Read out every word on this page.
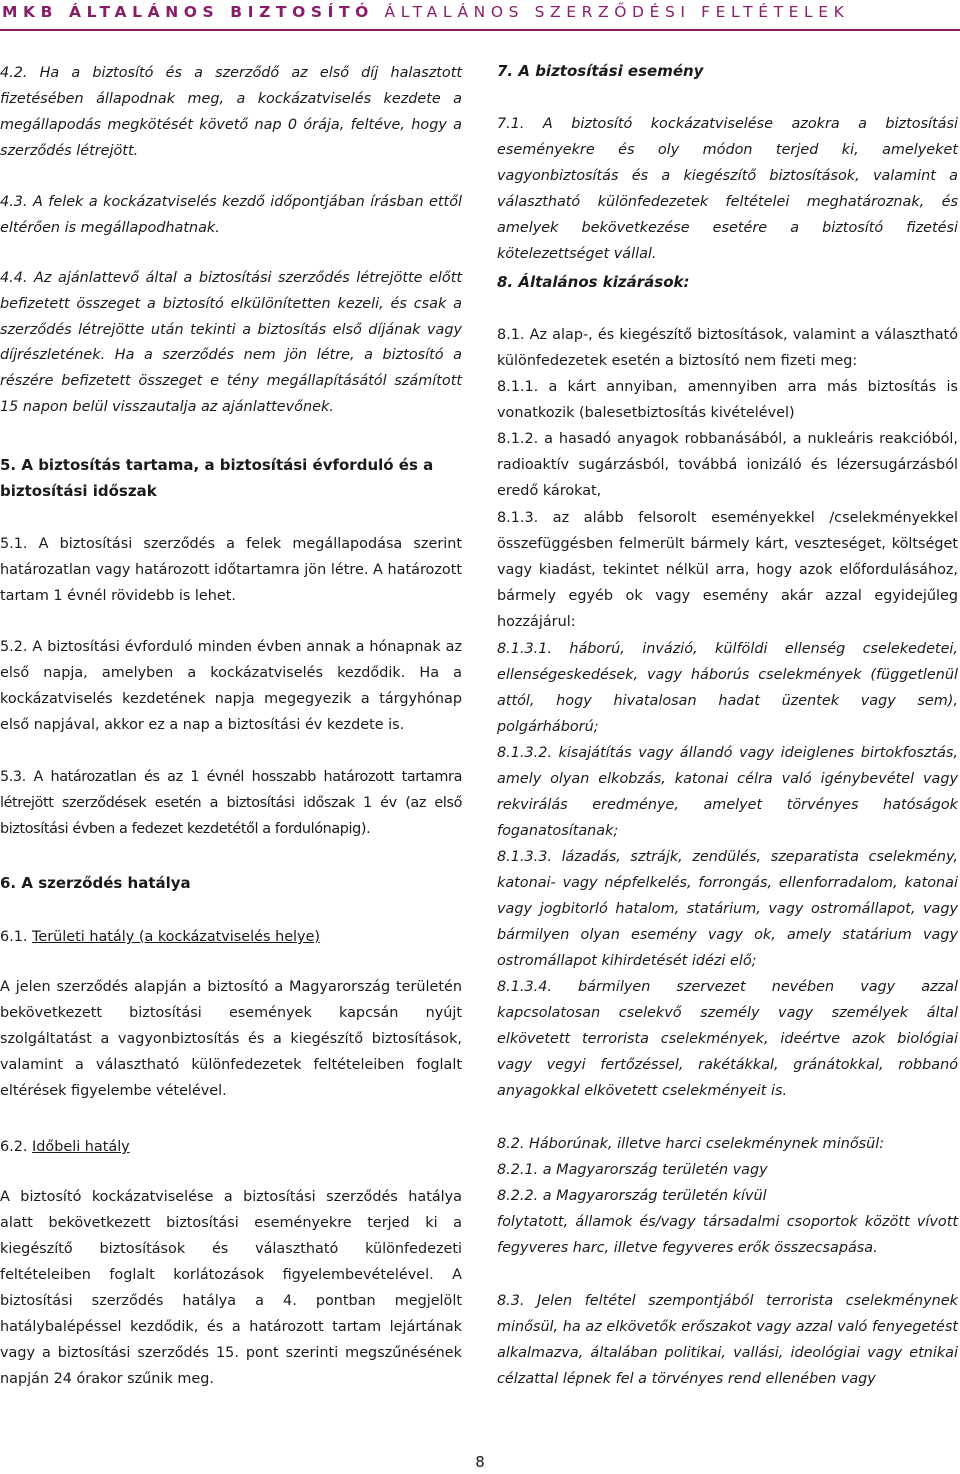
MKB ÁLTALÁNOS BIZTOSÍTÓ ÁLTALÁNOS SZERZŐDÉSI FELTÉTELEK

4.2. Ha a biztosító és a szerződő az első díj halasztott fizetésében állapodnak meg, a kockázatviselés kezdete a megállapodás megkötését követő nap 0 órája, feltéve, hogy a szerződés létrejött.

4.3. A felek a kockázatviselés kezdő időpontjában írásban ettől eltérően is megállapodhatnak.

4.4. Az ajánlattevő által a biztosítási szerződés létrejötte előtt befizetett összeget a biztosító elkülönítetten kezeli, és csak a szerződés létrejötte után tekinti a biztosítás első díjának vagy díjrészletének. Ha a szerződés nem jön létre, a biztosító a részére befizetett összeget e tény megállapításától számított 15 napon belül visszautalja az ajánlattevőnek.

5. A biztosítás tartama, a biztosítási évforduló és a biztosítási időszak

5.1. A biztosítási szerződés a felek megállapodása szerint határozatlan vagy határozott időtartamra jön létre. A határozott tartam 1 évnél rövidebb is lehet.

5.2. A biztosítási évforduló minden évben annak a hónapnak az első napja, amelyben a kockázatviselés kezdődik. Ha a kockázatviselés kezdetének napja megegyezik a tárgyhónap első napjával, akkor ez a nap a biztosítási év kezdete is.

5.3. A határozatlan és az 1 évnél hosszabb határozott tartamra létrejött szerződések esetén a biztosítási időszak 1 év (az első biztosítási évben a fedezet kezdetétől a fordulónapig).

6. A szerződés hatálya

6.1. Területi hatály (a kockázatviselés helye)

A jelen szerződés alapján a biztosító a Magyarország területén bekövetkezett biztosítási események kapcsán nyújt szolgáltatást a vagyonbiztosítás és a kiegészítő biztosítások, valamint a választható különfedezetek feltételeiben foglalt eltérések figyelembe vételével.

6.2. Időbeli hatály

A biztosító kockázatviselése a biztosítási szerződés hatálya alatt bekövetkezett biztosítási eseményekre terjed ki a kiegészítő biztosítások és választható különfedezeti feltételeiben foglalt korlátozások figyelembevételével. A biztosítási szerződés hatálya a 4. pontban megjelölt hatálybalépéssel kezdődik, és a határozott tartam lejártának vagy a biztosítási szerződés 15. pont szerinti megszűnésének napján 24 órakor szűnik meg.

7. A biztosítási esemény

7.1. A biztosító kockázatviselése azokra a biztosítási eseményekre és oly módon terjed ki, amelyeket vagyonbiztosítás és a kiegészítő biztosítások, valamint a választható különfedezetek feltételei meghatároznak, és amelyek bekövetkezése esetére a biztosító fizetési kötelezettséget vállal.

8. Általános kizárások:

8.1. Az alap-, és kiegészítő biztosítások, valamint a választható különfedezetek esetén a biztosító nem fizeti meg:

8.1.1. a kárt annyiban, amennyiben arra más biztosítás is vonatkozik (balesetbiztosítás kivételével)

8.1.2. a hasadó anyagok robbanásából, a nukleáris reakcióból, radioaktív sugárzásból, továbbá ionizáló és lézersugárzásból eredő károkat,

8.1.3. az alább felsorolt eseményekkel /cselekményekkel összefüggésben felmerült bármely kárt, veszteséget, költséget vagy kiadást, tekintet nélkül arra, hogy azok előfordulásához, bármely egyéb ok vagy esemény akár azzal egyidejűleg hozzájárul:

8.1.3.1. háború, invázió, külföldi ellenség cselekedetei, ellenségeskedések, vagy háborús cselekmények (függetlenül attól, hogy hivatalosan hadat üzentek vagy sem), polgárháború;

8.1.3.2. kisajátítás vagy állandó vagy ideiglenes birtokfosztás, amely olyan elkobzás, katonai célra való igénybevétel vagy rekvirálás eredménye, amelyet törvényes hatóságok foganatosítanak;

8.1.3.3. lázadás, sztrájk, zendülés, szeparatista cselekmény, katonai- vagy népfelkelés, forrongás, ellenforradalom, katonai vagy jogbitorló hatalom, statárium, vagy ostromállapot, vagy bármilyen olyan esemény vagy ok, amely statárium vagy ostromállapot kihirdetését idézi elő;

8.1.3.4. bármilyen szervezet nevében vagy azzal kapcsolatosan cselekvő személy vagy személyek által elkövetett terrorista cselekmények, ideértve azok biológiai vagy vegyi fertőzéssel, rakétákkal, gránátokkal, robbanó anyagokkal elkövetett cselekményeit is.

8.2. Háborúnak, illetve harci cselekménynek minősül:

8.2.1. a Magyarország területén vagy

8.2.2. a Magyarország területén kívül

folytatott, államok és/vagy társadalmi csoportok között vívott fegyveres harc, illetve fegyveres erők összecsapása.

8.3. Jelen feltétel szempontjából terrorista cselekménynek minősül, ha az elkövetők erőszakot vagy azzal való fenyegetést alkalmazva, általában politikai, vallási, ideológiai vagy etnikai célzattal lépnek fel a törvényes rend ellenében vagy

8
